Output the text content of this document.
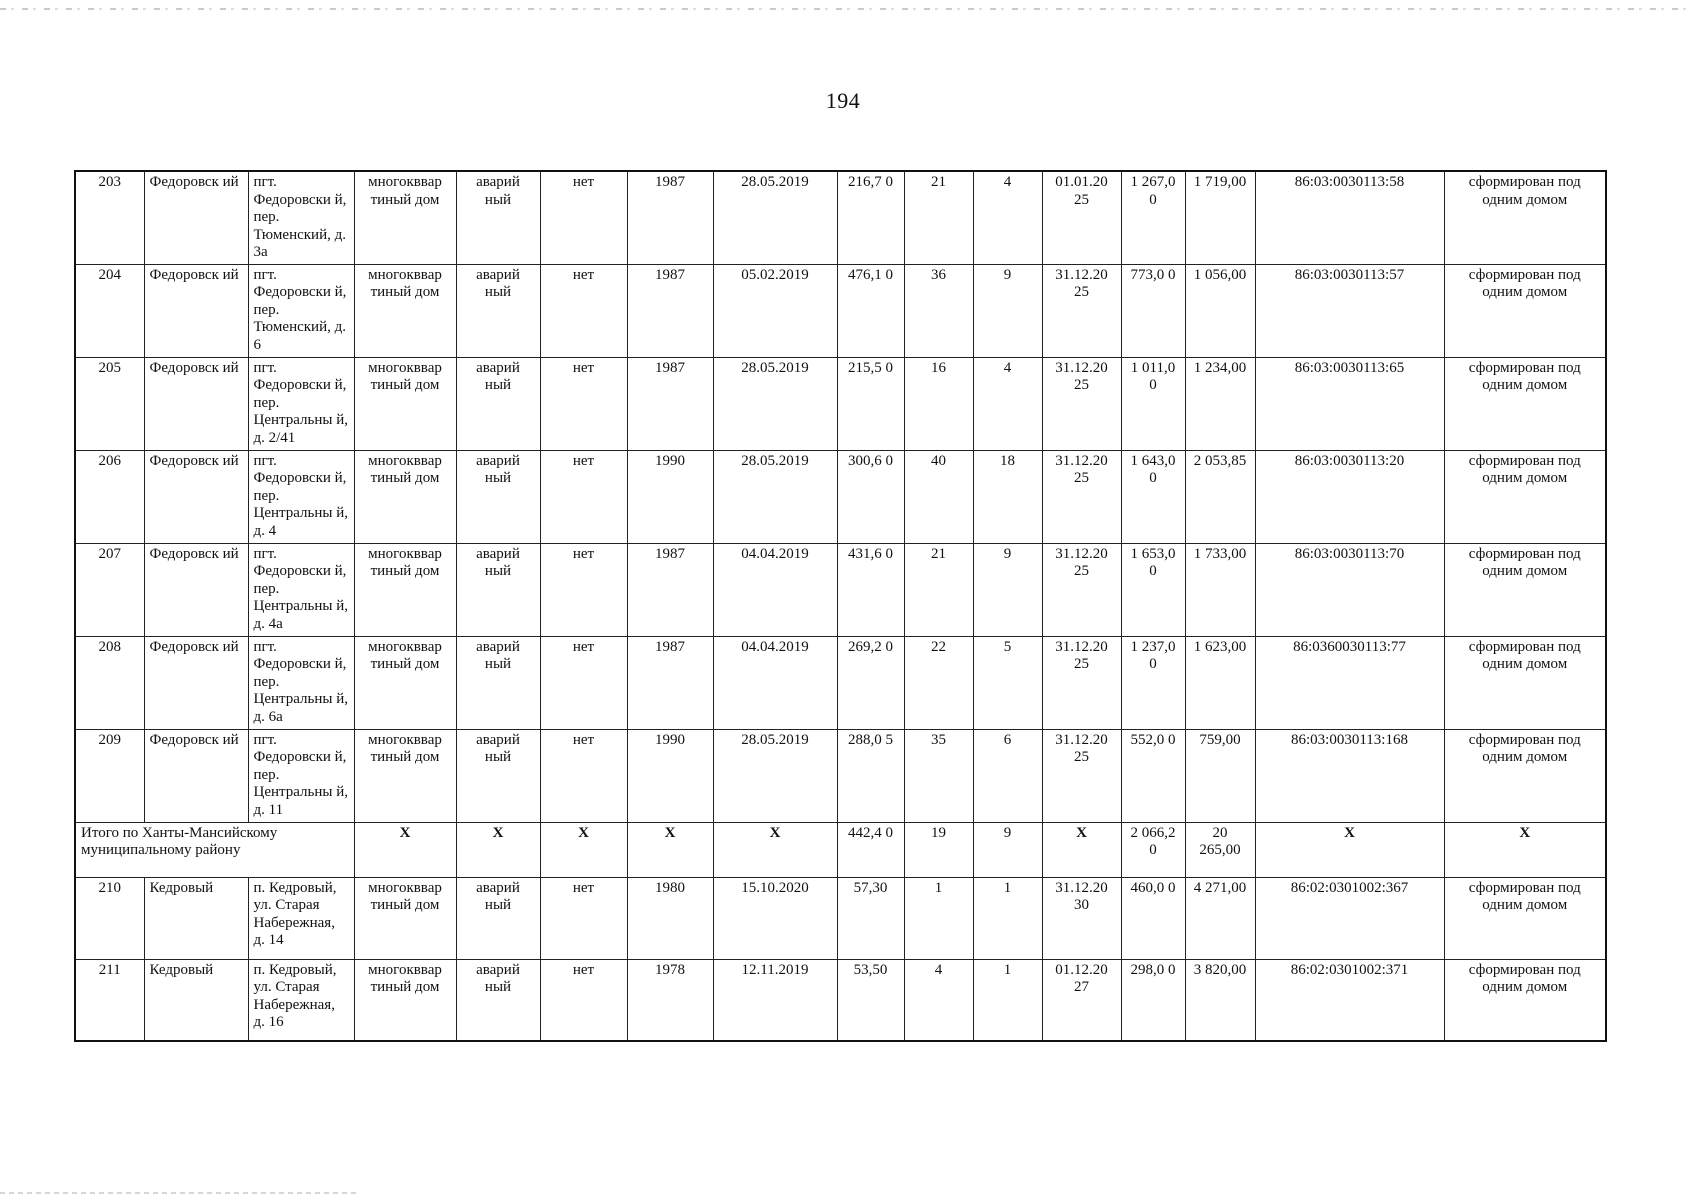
194
203	Федоровск ий	пгт. Федоровски й, пер. Тюменский, д. 3а	многокввар тиный дом	аварий ный	нет	1987	28.05.2019	216,7 0	21	4	01.01.20 25	1 267,0 0	1 719,00	86:03:0030113:58	сформирован под одним домом
204	Федоровск ий	пгт. Федоровски й, пер. Тюменский, д. 6	многокввар тиный дом	аварий ный	нет	1987	05.02.2019	476,1 0	36	9	31.12.20 25	773,0 0	1 056,00	86:03:0030113:57	сформирован под одним домом
205	Федоровск ий	пгт. Федоровски й, пер. Центральны й, д. 2/41	многокввар тиный дом	аварий ный	нет	1987	28.05.2019	215,5 0	16	4	31.12.20 25	1 011,0 0	1 234,00	86:03:0030113:65	сформирован под одним домом
206	Федоровск ий	пгт. Федоровски й, пер. Центральны й, д. 4	многокввар тиный дом	аварий ный	нет	1990	28.05.2019	300,6 0	40	18	31.12.20 25	1 643,0 0	2 053,85	86:03:0030113:20	сформирован под одним домом
207	Федоровск ий	пгт. Федоровски й, пер. Центральны й, д. 4а	многокввар тиный дом	аварий ный	нет	1987	04.04.2019	431,6 0	21	9	31.12.20 25	1 653,0 0	1 733,00	86:03:0030113:70	сформирован под одним домом
208	Федоровск ий	пгт. Федоровски й, пер. Центральны й, д. 6а	многокввар тиный дом	аварий ный	нет	1987	04.04.2019	269,2 0	22	5	31.12.20 25	1 237,0 0	1 623,00	86:0360030113:77	сформирован под одним домом
209	Федоровск ий	пгт. Федоровски й, пер. Центральны й, д. 11	многокввар тиный дом	аварий ный	нет	1990	28.05.2019	288,0 5	35	6	31.12.20 25	552,0 0	759,00	86:03:0030113:168	сформирован под одним домом
Итого по Ханты-Мансийскому муниципальному району			X	X	X	X	X	442,4 0	19	9	X	2 066,2 0	20 265,00	X	X
210	Кедровый	п. Кедровый, ул. Старая Набережная, д. 14	многокввар тиный дом	аварий ный	нет	1980	15.10.2020	57,30	1	1	31.12.20 30	460,0 0	4 271,00	86:02:0301002:367	сформирован под одним домом
211	Кедровый	п. Кедровый, ул. Старая Набережная, д. 16	многокввар тиный дом	аварий ный	нет	1978	12.11.2019	53,50	4	1	01.12.20 27	298,0 0	3 820,00	86:02:0301002:371	сформирован под одним домом
